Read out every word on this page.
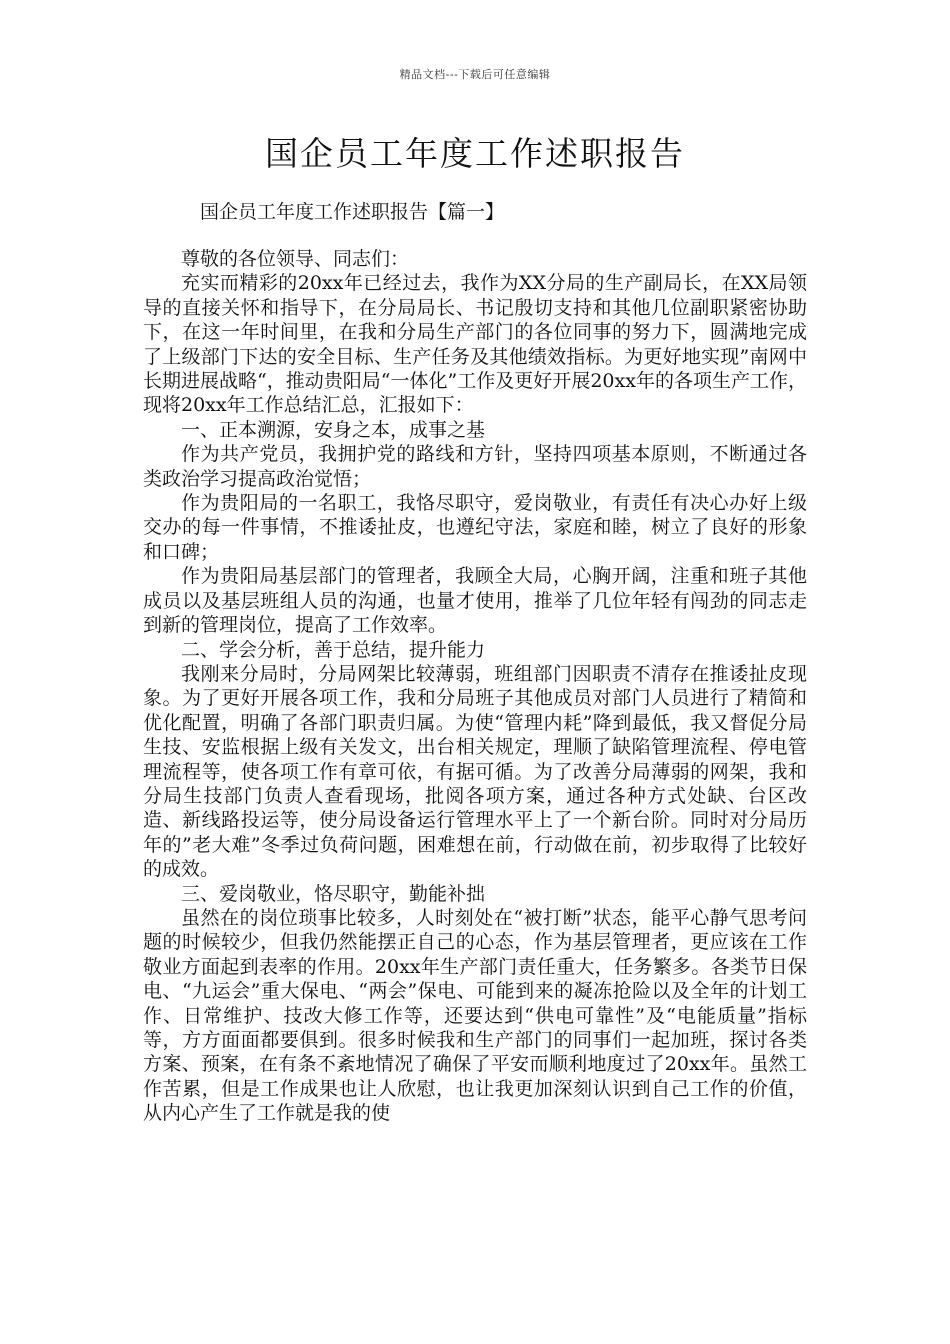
精品文档---下载后可任意编辑
国企员工年度工作述职报告
国企员工年度工作述职报告【篇一】

尊敬的各位领导、同志们：

充实而精彩的20xx年已经过去，我作为XX分局的生产副局长，在XX局领导的直接关怀和指导下，在分局局长、书记殷切支持和其他几位副职紧密协助下，在这一年时间里，在我和分局生产部门的各位同事的努力下，圆满地完成了上级部门下达的安全目标、生产任务及其他绩效指标。为更好地实现”南网中长期进展战略“，推动贵阳局“一体化”工作及更好开展20xx年的各项生产工作，现将20xx年工作总结汇总，汇报如下：

一、正本溯源，安身之本，成事之基

作为共产党员，我拥护党的路线和方针，坚持四项基本原则，不断通过各类政治学习提高政治觉悟；

作为贵阳局的一名职工，我恪尽职守，爱岗敬业，有责任有决心办好上级交办的每一件事情，不推诿扯皮，也遵纪守法，家庭和睦，树立了良好的形象和口碑；

作为贵阳局基层部门的管理者，我顾全大局，心胸开阔，注重和班子其他成员以及基层班组人员的沟通，也量才使用，推举了几位年轻有闯劲的同志走到新的管理岗位，提高了工作效率。

二、学会分析，善于总结，提升能力

我刚来分局时，分局网架比较薄弱，班组部门因职责不清存在推诿扯皮现象。为了更好开展各项工作，我和分局班子其他成员对部门人员进行了精简和优化配置，明确了各部门职责归属。为使“管理内耗”降到最低，我又督促分局生技、安监根据上级有关发文，出台相关规定，理顺了缺陷管理流程、停电管理流程等，使各项工作有章可依，有据可循。为了改善分局薄弱的网架，我和分局生技部门负责人查看现场，批阅各项方案，通过各种方式处缺、台区改造、新线路投运等，使分局设备运行管理水平上了一个新台阶。同时对分局历年的”老大难”冬季过负荷问题，困难想在前，行动做在前，初步取得了比较好的成效。

三、爱岗敬业，恪尽职守，勤能补拙

虽然在的岗位琐事比较多，人时刻处在“被打断”状态，能平心静气思考问题的时候较少，但我仍然能摆正自己的心态，作为基层管理者，更应该在工作敬业方面起到表率的作用。20xx年生产部门责任重大，任务繁多。各类节日保电、“九运会”重大保电、“两会”保电、可能到来的凝冻抢险以及全年的计划工作、日常维护、技改大修工作等，还要达到“供电可靠性”及“电能质量”指标等，方方面面都要俱到。很多时候我和生产部门的同事们一起加班，探讨各类方案、预案，在有条不紊地情况了确保了平安而顺利地度过了20xx年。虽然工作苦累，但是工作成果也让人欣慰，也让我更加深刻认识到自己工作的价值，从内心产生了工作就是我的使
